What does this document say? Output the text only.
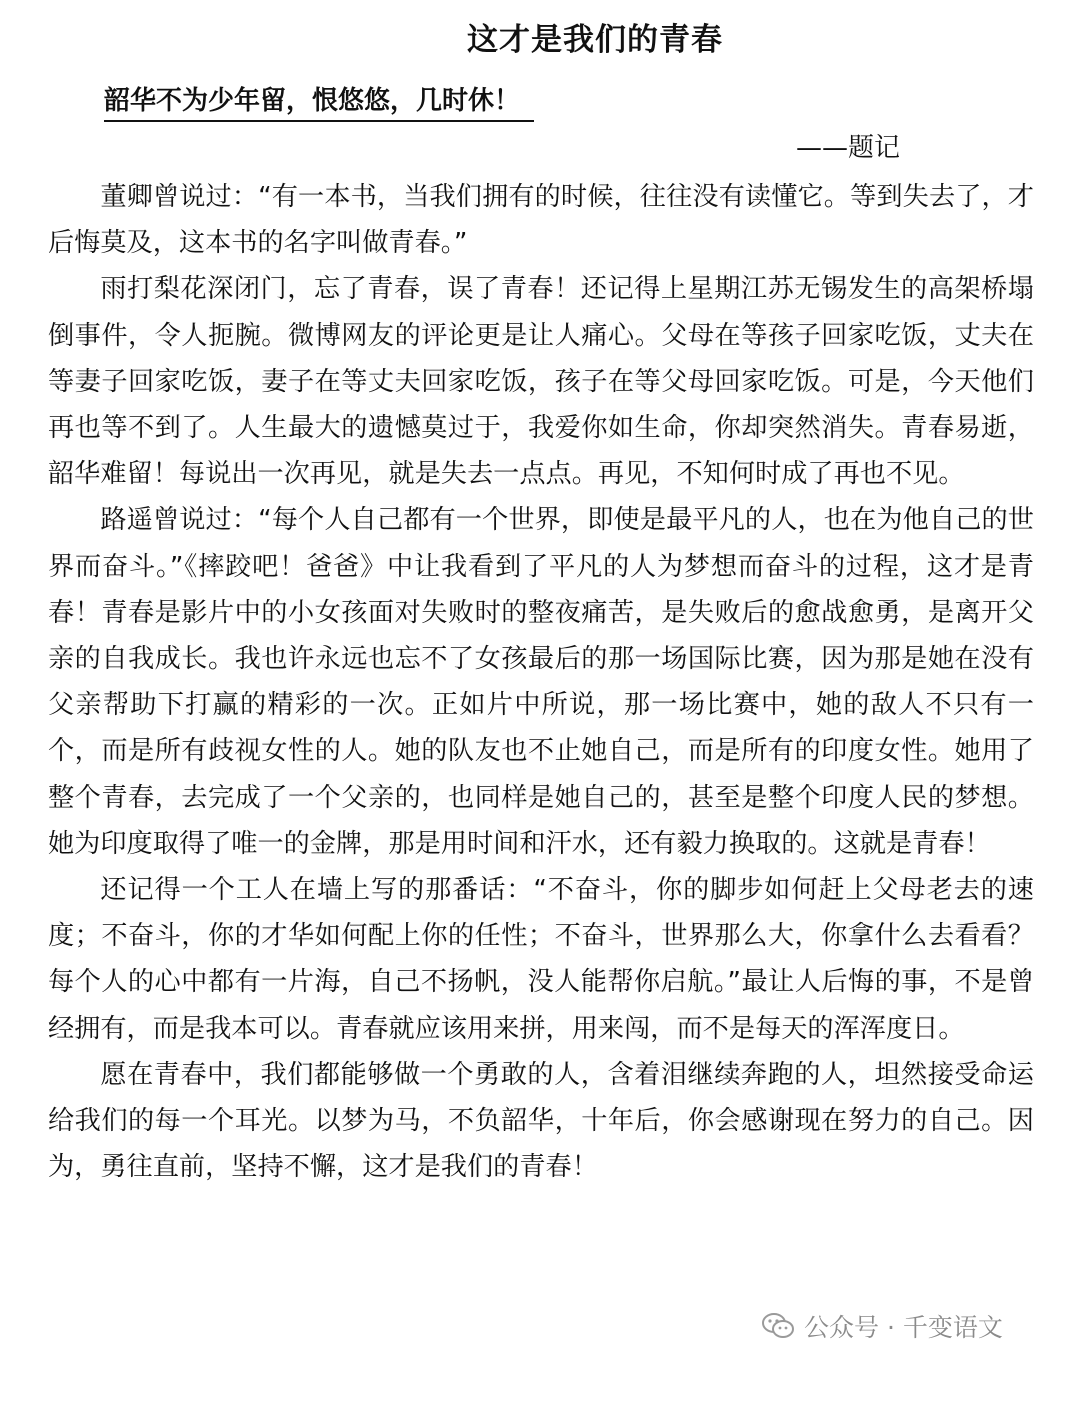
这才是我们的青春
韶华不为少年留，恨悠悠，几时休！
——题记

董卿曾说过：“有一本书，当我们拥有的时候，往往没有读懂它。等到失去了，才后悔莫及，这本书的名字叫做青春。”

雨打梨花深闭门，忘了青春，误了青春！还记得上星期江苏无锡发生的高架桥塌倒事件，令人扼腕。微博网友的评论更是让人痛心。父母在等孩子回家吃饭，丈夫在等妻子回家吃饭，妻子在等丈夫回家吃饭，孩子在等父母回家吃饭。可是，今天他们再也等不到了。人生最大的遗憾莫过于，我爱你如生命，你却突然消失。青春易逝，韶华难留！每说出一次再见，就是失去一点点。再见，不知何时成了再也不见。

路遥曾说过：“每个人自己都有一个世界，即使是最平凡的人，也在为他自己的世界而奋斗。”《摔跤吧！爸爸》中让我看到了平凡的人为梦想而奋斗的过程，这才是青春！青春是影片中的小女孩面对失败时的整夜痛苦，是失败后的愈战愈勇，是离开父亲的自我成长。我也许永远也忘不了女孩最后的那一场国际比赛，因为那是她在没有父亲帮助下打赢的精彩的一次。正如片中所说，那一场比赛中，她的敌人不只有一个，而是所有歧视女性的人。她的队友也不止她自己，而是所有的印度女性。她用了整个青春，去完成了一个父亲的，也同样是她自己的，甚至是整个印度人民的梦想。她为印度取得了唯一的金牌，那是用时间和汗水，还有毅力换取的。这就是青春！

还记得一个工人在墙上写的那番话：“不奋斗，你的脚步如何赶上父母老去的速度；不奋斗，你的才华如何配上你的任性；不奋斗，世界那么大，你拿什么去看看？每个人的心中都有一片海，自己不扬帆，没人能帮你启航。”最让人后悔的事，不是曾经拥有，而是我本可以。青春就应该用来拼，用来闯，而不是每天的浑浑度日。

愿在青春中，我们都能够做一个勇敢的人，含着泪继续奔跑的人，坦然接受命运给我们的每一个耳光。以梦为马，不负韶华，十年后，你会感谢现在努力的自己。因为，勇往直前，坚持不懈，这才是我们的青春！

公众号 · 千变语文
